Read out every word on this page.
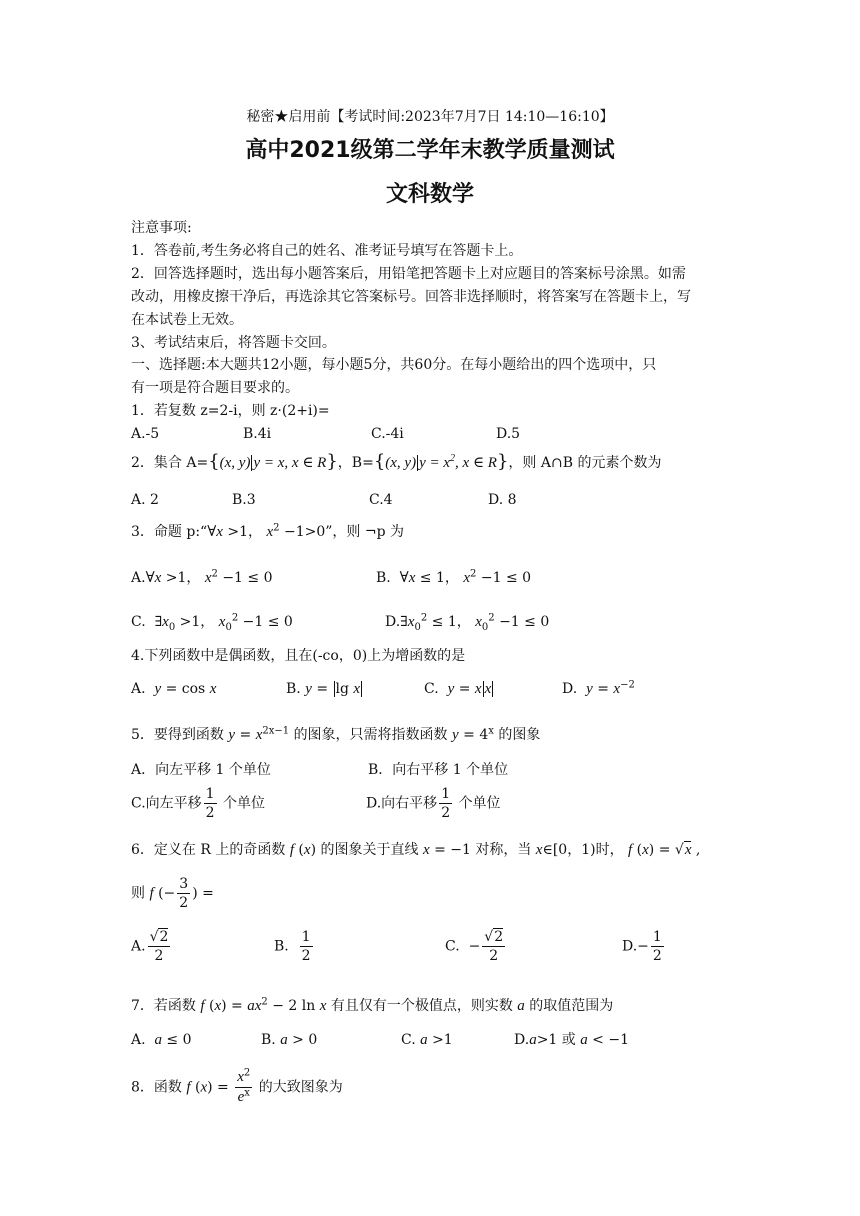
秘密★启用前【考试时间:2023年7月7日 14:10—16:10】
高中2021级第二学年末教学质量测试
文科数学
注意事项:
1．答卷前,考生务必将自己的姓名、准考证号填写在答题卡上。
2．回答选择题时，选出每小题答案后，用铅笔把答题卡上对应题目的答案标号涂黑。如需
改动，用橡皮擦干净后，再选涂其它答案标号。回答非选择顺时，将答案写在答题卡上，写
在本试卷上无效。
3、考试结束后，将答题卡交回。
一、选择题:本大题共12小题，每小题5分，共60分。在每小题给出的四个选项中，只
有一项是符合题目要求的。
1．若复数 z=2-i，则 z·(2+i)=
A.-5	B.4i	C.-4i	D.5
2．集合 A={(x, y) y = x, x ∈ R}，B={(x, y) $y = x^2$, x ∈ R}，则 A∩B 的元素个数为
A. 2	B.3	C.4	D. 8
3．命题 p:“∀x >1， $x^2 -1>0$”，则 ¬p 为
A.∀x >1， $x^2 -1 \le 0$	B.  ∀x ≤ 1， $x^2 -1 \le 0$
C.  $\exists x_0 >1$， $x_0^2 -1 \le 0$	$D.\exists x_0^2 \le 1$， $x_0^2 -1 \le 0$
4.下列函数中是偶函数，且在(-co，0)上为增函数的是
A.  y = cos x	B. y = lg x	C.  y = x x	D.  $y = x^{-2}$
5．要得到函数 $y = x^{2x-1}$ 的图象，只需将指数函数 $y = 4^x$ 的图象
A．向左平移 1 个单位	B．向右平移 1 个单位
C.向左平移 $\frac{1}{2}$ 个单位	D.向右平移 $\frac{1}{2}$ 个单位
6．定义在 R 上的奇函数 f (x) 的图象关于直线 x = −1 对称，当 x∈[0，1)时， f (x) = √x ,
则 f (− $\frac{3}{2}$ ) =
A. $\frac{√2}{2}$	B. $\frac{1}{2}$	C.  − $\frac{√2}{2}$	$D.- \frac{1}{2}$
7．若函数 f $(x) = ax^2 - 2$ ln x 有且仅有一个极值点，则实数 a 的取值范围为
A.  a ≤ 0	B. a > 0	C. a >1	D.a>1 或 a < −1
8．函数 f $(x) = \frac{x^2}{e^x}$ 的大致图象为
